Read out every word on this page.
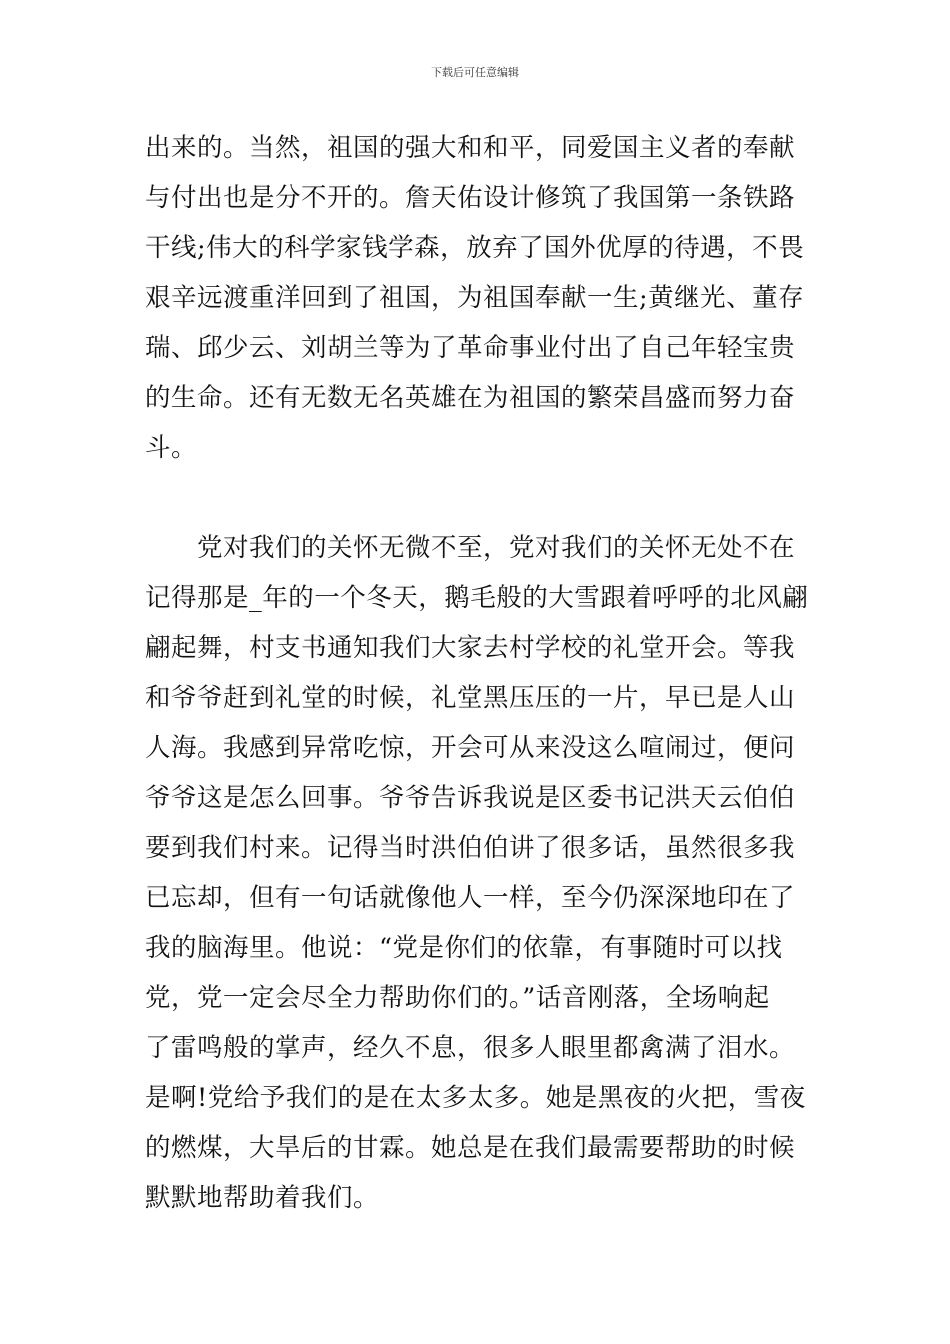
下载后可任意编辑
出来的。当然，祖国的强大和和平，同爱国主义者的奉献
与付出也是分不开的。詹天佑设计修筑了我国第一条铁路
干线;伟大的科学家钱学森，放弃了国外优厚的待遇，不畏
艰辛远渡重洋回到了祖国，为祖国奉献一生;黄继光、董存
瑞、邱少云、刘胡兰等为了革命事业付出了自己年轻宝贵
的生命。还有无数无名英雄在为祖国的繁荣昌盛而努力奋
斗。
党对我们的关怀无微不至，党对我们的关怀无处不在
记得那是_年的一个冬天，鹅毛般的大雪跟着呼呼的北风翩
翩起舞，村支书通知我们大家去村学校的礼堂开会。等我
和爷爷赶到礼堂的时候，礼堂黑压压的一片，早已是人山
人海。我感到异常吃惊，开会可从来没这么喧闹过，便问
爷爷这是怎么回事。爷爷告诉我说是区委书记洪天云伯伯
要到我们村来。记得当时洪伯伯讲了很多话，虽然很多我
已忘却，但有一句话就像他人一样，至今仍深深地印在了
我的脑海里。他说：“党是你们的依靠，有事随时可以找
党，党一定会尽全力帮助你们的。”话音刚落，全场响起
了雷鸣般的掌声，经久不息，很多人眼里都禽满了泪水。
是啊!党给予我们的是在太多太多。她是黑夜的火把，雪夜
的燃煤，大旱后的甘霖。她总是在我们最需要帮助的时候
默默地帮助着我们。
